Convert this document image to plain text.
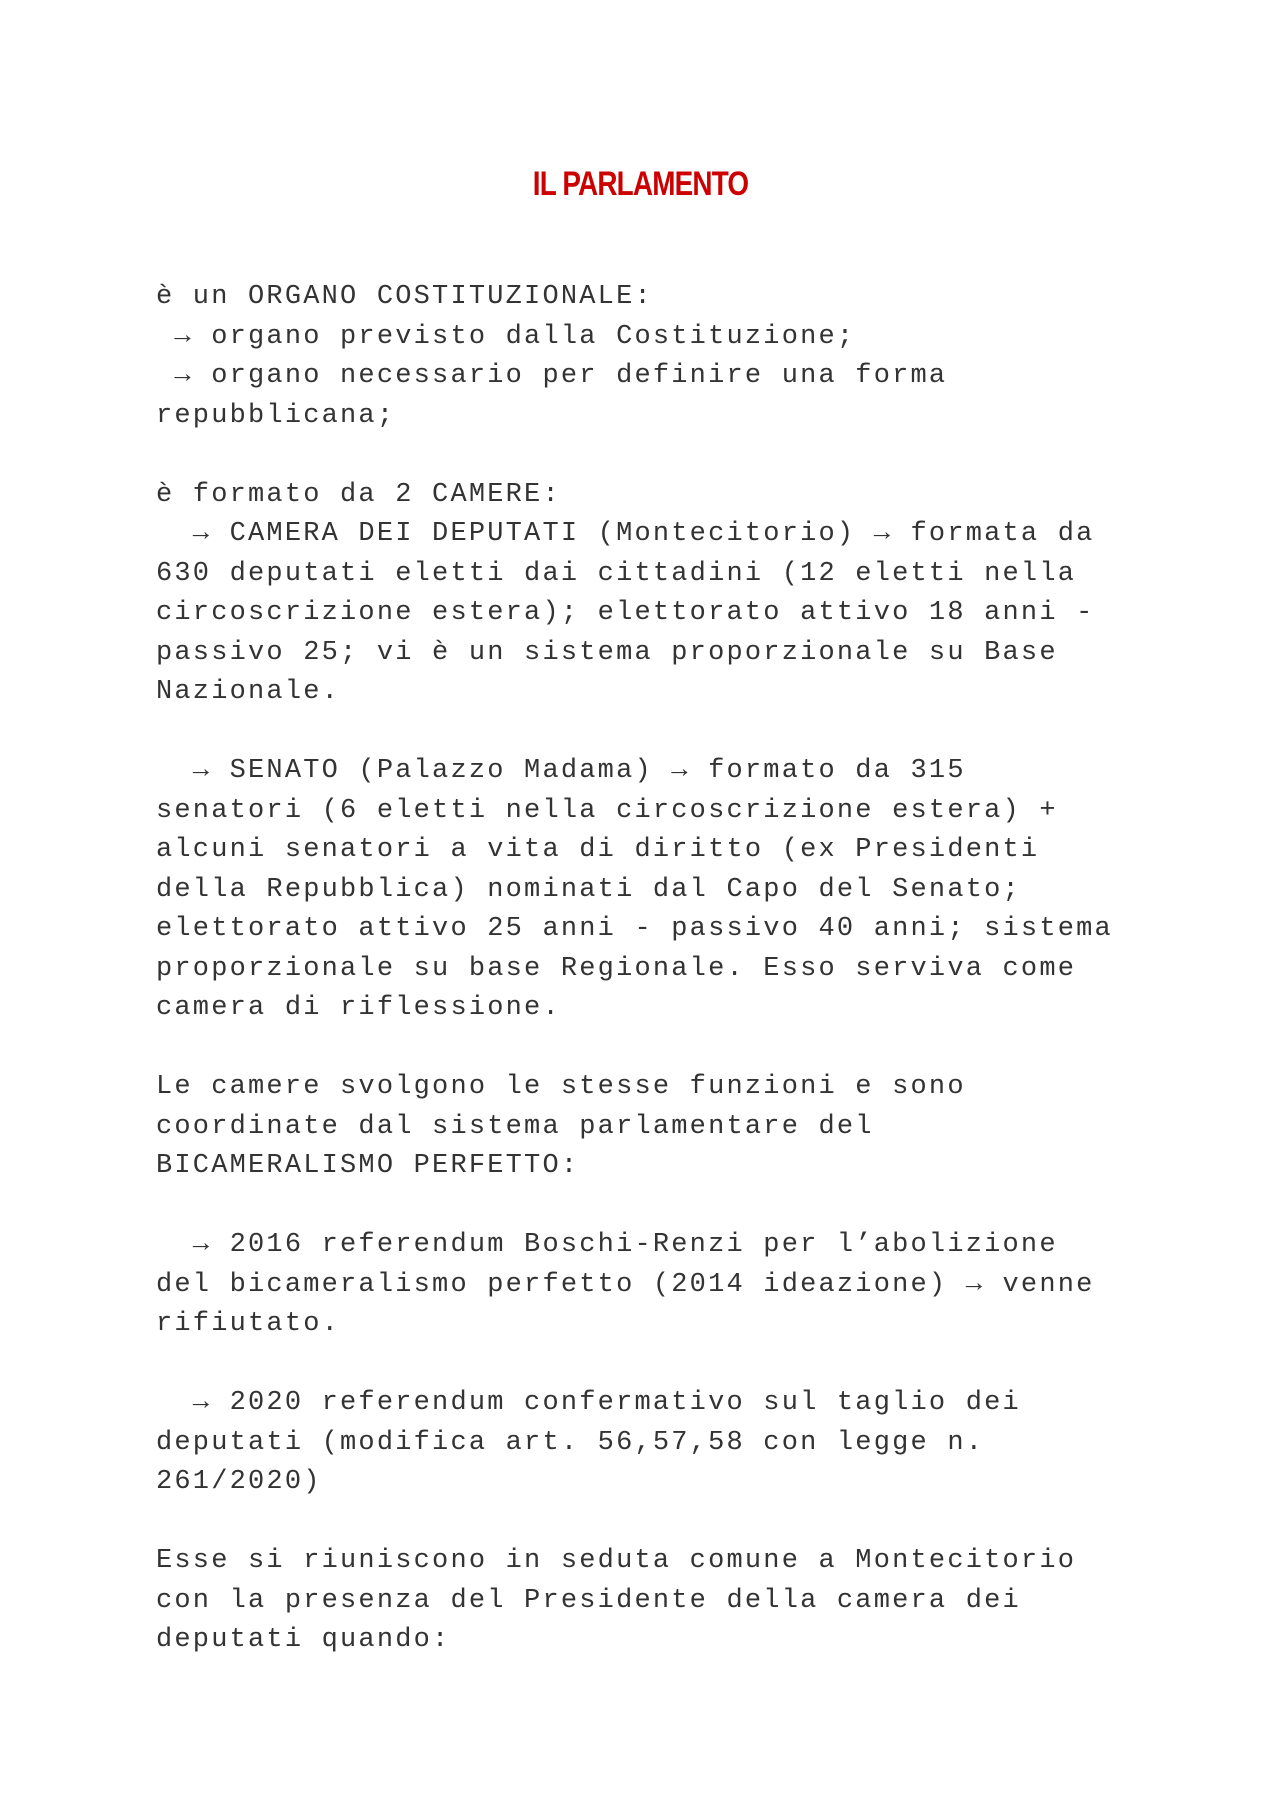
IL PARLAMENTO
è un ORGANO COSTITUZIONALE:
→ organo previsto dalla Costituzione;
→ organo necessario per definire una forma
repubblicana;
è formato da 2 CAMERE:
→ CAMERA DEI DEPUTATI (Montecitorio) → formata da
630 deputati eletti dai cittadini (12 eletti nella
circoscrizione estera); elettorato attivo 18 anni -
passivo 25; vi è un sistema proporzionale su Base
Nazionale.
→ SENATO (Palazzo Madama) → formato da 315
senatori (6 eletti nella circoscrizione estera) +
alcuni senatori a vita di diritto (ex Presidenti
della Repubblica) nominati dal Capo del Senato;
elettorato attivo 25 anni - passivo 40 anni; sistema
proporzionale su base Regionale. Esso serviva come
camera di riflessione.
Le camere svolgono le stesse funzioni e sono
coordinate dal sistema parlamentare del
BICAMERALISMO PERFETTO:
→ 2016 referendum Boschi-Renzi per l’abolizione
del bicameralismo perfetto (2014 ideazione) → venne
rifiutato.
→ 2020 referendum confermativo sul taglio dei
deputati (modifica art. 56,57,58 con legge n.
261/2020)
Esse si riuniscono in seduta comune a Montecitorio
con la presenza del Presidente della camera dei
deputati quando:
